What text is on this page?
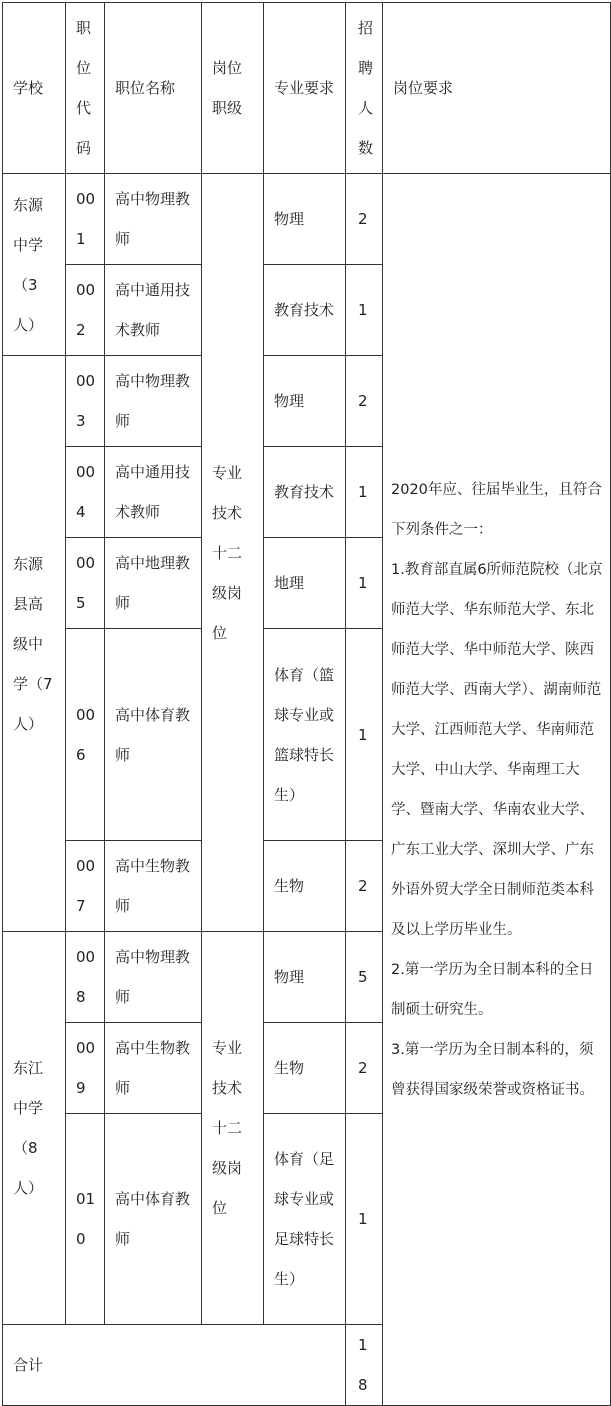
学校	职位代码	职位名称	岗位职级	专业要求	招聘人数	岗位要求
东源中学（3人）	001	高中物理教师	专业技术十二级岗位	物理	2	2020年应、往届毕业生，且符合下列条件之一：

1.教育部直属6所师范院校（北京师范大学、华东师范大学、东北师范大学、华中师范大学、陕西师范大学、西南大学）、湖南师范大学、江西师范大学、华南师范大学、中山大学、华南理工大学、暨南大学、华南农业大学、广东工业大学、深圳大学、广东外语外贸大学全日制师范类本科及以上学历毕业生。

2.第一学历为全日制本科的全日制硕士研究生。

3.第一学历为全日制本科的，须曾获得国家级荣誉或资格证书。

	002	高中通用技术教师		教育技术	1	
东源县高级中学（7人）	003	高中物理教师		物理	2	
	004	高中通用技术教师		教育技术	1	
	005	高中地理教师		地理	1	
	006	高中体育教师		体育（篮球专业或篮球特长生）	1	
	007	高中生物教师		生物	2	
东江中学（8人）	008	高中物理教师	专业技术十二级岗位	物理	5	
	009	高中生物教师		生物	2	
	010	高中体育教师		体育（足球专业或足球特长生）	1	
合计					18	
